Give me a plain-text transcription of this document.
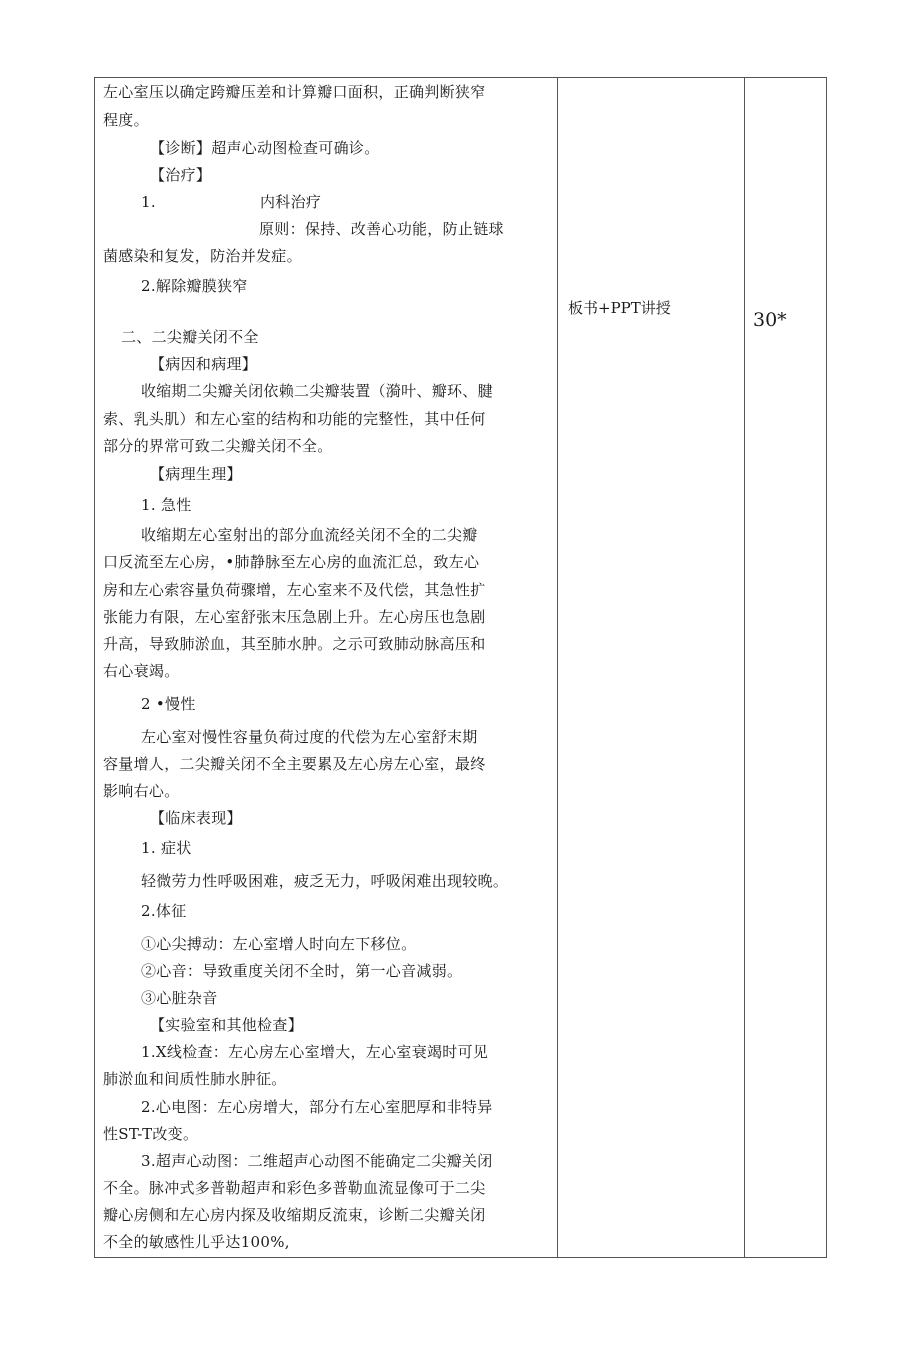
左心室压以确定跨瓣压差和计算瓣口面积，正确判断狭窄
程度。
【诊断】超声心动图检查可确诊。
【治疗】
1.	内科治疗
原则：保持、改善心功能，防止链球
菌感染和复发，防治并发症。
2.解除瓣膜狭窄
二、二尖瓣关闭不全
【病因和病理】
收缩期二尖瓣关闭依赖二尖瓣装置（漪叶、瓣环、腱
索、乳头肌）和左心室的结构和功能的完整性，其中任何
部分的界常可致二尖瓣关闭不全。
【病理生理】
1. 急性
收缩期左心室射出的部分血流经关闭不全的二尖瓣
口反流至左心房，•肺静脉至左心房的血流汇总，致左心
房和左心索容量负荷骤增，左心室来不及代偿，其急性扩
张能力有限，左心室舒张末压急剧上升。左心房压也急剧
升高，导致肺淤血，其至肺水肿。之示可致肺动脉高压和
右心衰竭。
2 •慢性
左心室对慢性容量负荷过度的代偿为左心室舒末期
容量增人，二尖瓣关闭不全主要累及左心房左心室，最终
影响右心。
【临床表现】
1. 症状
轻微劳力性呼吸困难，疲乏无力，呼吸闲难出现较晚。
2.体征
①心尖搏动：左心室增人时向左下移位。
②心音：导致重度关闭不全时，第一心音减弱。
③心脏杂音
【实验室和其他检查】
1.X线检查：左心房左心室增大，左心室衰竭时可见
肺淤血和间质性肺水肿征。
2.心电图：左心房增大，部分冇左心室肥厚和非特异
性ST-T改变。
3.超声心动图：二维超声心动图不能确定二尖瓣关闭
不全。脉冲式多普勒超声和彩色多普勒血流显像可于二尖
瓣心房侧和左心房内探及收缩期反流束，诊断二尖瓣关闭
不全的敏感性儿乎达100%,
板书+PPT讲授
30*
